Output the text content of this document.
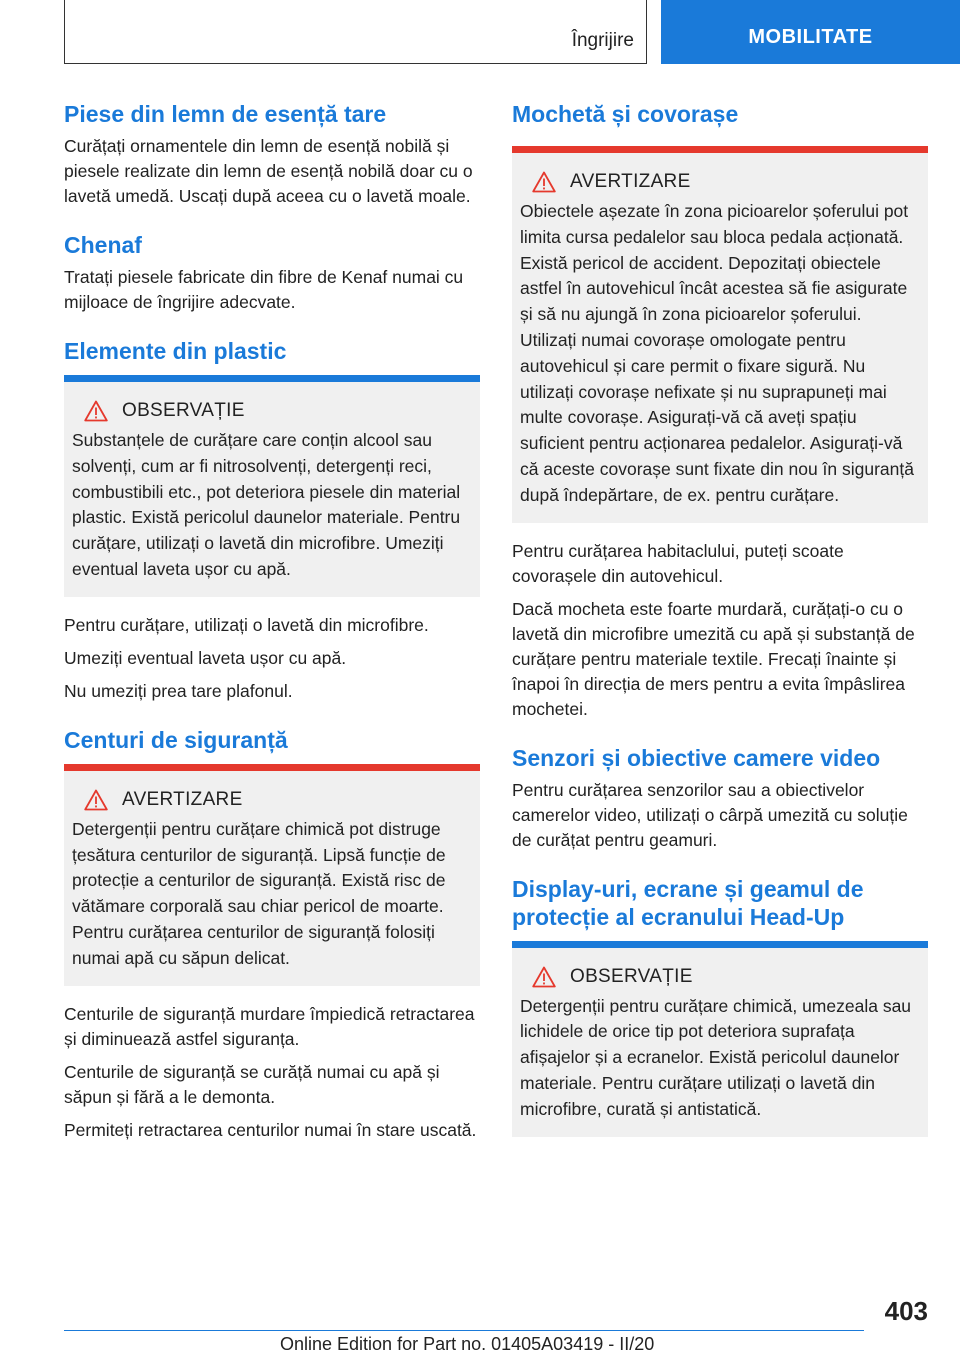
Îngrijire	MOBILITATE
Piese din lemn de esență tare

Curățați ornamentele din lemn de esență nobilă și piesele realizate din lemn de esență nobilă doar cu o lavetă umedă. Uscați după aceea cu o lavetă moale.

Chenaf

Tratați piesele fabricate din fibre de Kenaf numai cu mijloace de îngrijire adecvate.

Elemente din plastic
OBSERVAȚIE

Substanțele de curățare care conțin alcool sau solvenți, cum ar fi nitrosolvenți, detergenți reci, combustibili etc., pot deteriora piesele din material plastic. Există pericolul daunelor materiale. Pentru curățare, utilizați o lavetă din microfibre. Umeziți eventual laveta ușor cu apă.

Pentru curățare, utilizați o lavetă din microfibre.

Umeziți eventual laveta ușor cu apă.

Nu umeziți prea tare plafonul.

Centuri de siguranță
AVERTIZARE

Detergenții pentru curățare chimică pot distruge țesătura centurilor de siguranță. Lipsă funcție de protecție a centurilor de siguranță. Există risc de vătămare corporală sau chiar pericol de moarte. Pentru curățarea centurilor de siguranță folosiți numai apă cu săpun delicat.

Centurile de siguranță murdare împiedică retractarea și diminuează astfel siguranța.

Centurile de siguranță se curăță numai cu apă și săpun și fără a le demonta.

Permiteți retractarea centurilor numai în stare uscată.

Mochetă și covorașe
AVERTIZARE

Obiectele așezate în zona picioarelor șoferului pot limita cursa pedalelor sau bloca pedala acționată. Există pericol de accident. Depozitați obiectele astfel în autovehicul încât acestea să fie asigurate și să nu ajungă în zona picioarelor șoferului. Utilizați numai covorașe omologate pentru autovehicul și care permit o fixare sigură. Nu utilizați covorașe nefixate și nu suprapuneți mai multe covorașe. Asigurați-vă că aveți spațiu suficient pentru acționarea pedalelor. Asigurați-vă că aceste covorașe sunt fixate din nou în siguranță după îndepărtare, de ex. pentru curățare.

Pentru curățarea habitaclului, puteți scoate covorașele din autovehicul.

Dacă mocheta este foarte murdară, curățați-o cu o lavetă din microfibre umezită cu apă și substanță de curățare pentru materiale textile. Frecați înainte și înapoi în direcția de mers pentru a evita împâslirea mochetei.

Senzori și obiective camere video

Pentru curățarea senzorilor sau a obiectivelor camerelor video, utilizați o cârpă umezită cu soluție de curățat pentru geamuri.

Display-uri, ecrane și geamul de protecție al ecranului Head-Up
OBSERVAȚIE

Detergenții pentru curățare chimică, umezeala sau lichidele de orice tip pot deteriora suprafața afișajelor și a ecranelor. Există pericolul daunelor materiale. Pentru curățare utilizați o lavetă din microfibre, curată și antistatică.

403
Online Edition for Part no. 01405A03419 - II/20
